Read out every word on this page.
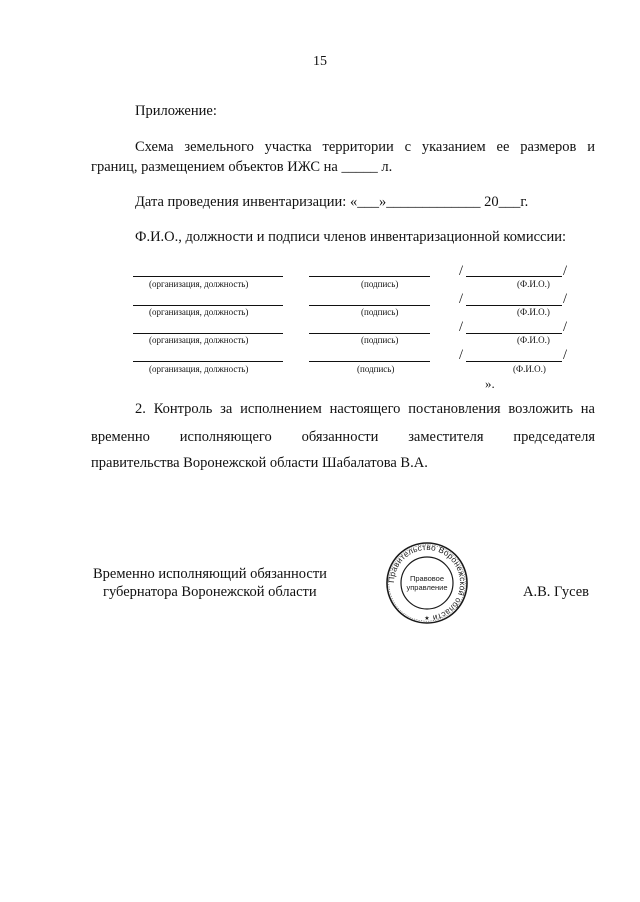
15
Приложение:
Схема земельного участка территории с указанием ее размеров и
границ, размещением объектов ИЖС на _____ л.
Дата проведения инвентаризации: «___»_____________ 20___г.
Ф.И.О., должности и подписи членов инвентаризационной комиссии:
/	/
(организация, должность)	(подпись)	(Ф.И.О.)
/	/
(организация, должность)	(подпись)	(Ф.И.О.)
/	/
(организация, должность)	(подпись)	(Ф.И.О.)
/	/
(организация, должность)	(подпись)	(Ф.И.О.)
».
2. Контроль за исполнением настоящего постановления возложить на
временно исполняющего обязанности заместителя председателя
правительства Воронежской области Шабалатова В.А.
Временно исполняющий обязанности
губернатора Воронежской области	А.В. Гусев
Правительство Воронежской области
Правовое
управление
★
